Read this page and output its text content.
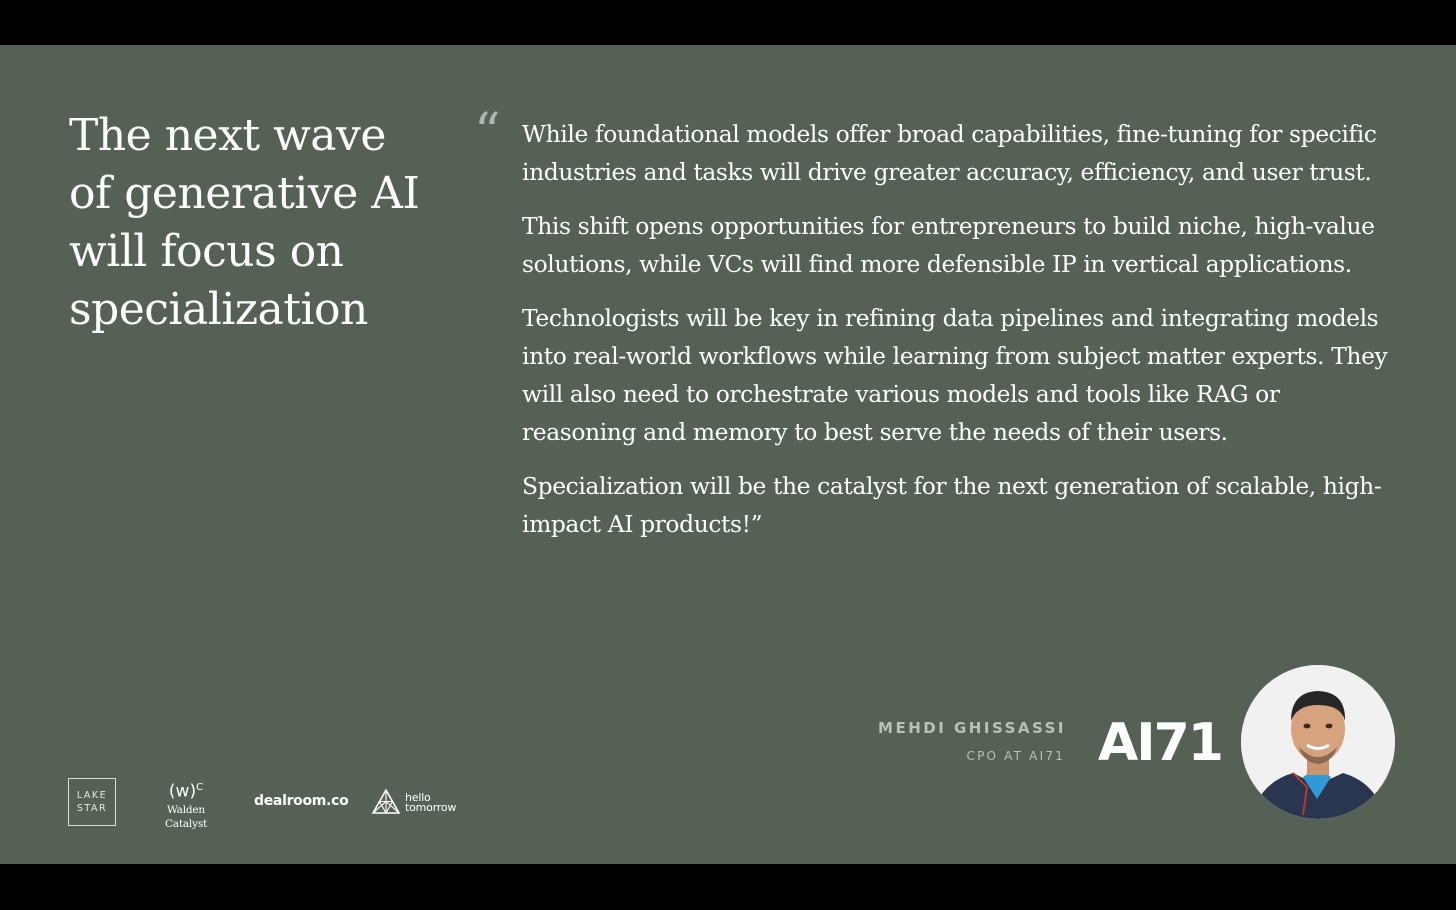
The next wave of generative AI will focus on specialization
“ While foundational models offer broad capabilities, fine-tuning for specific industries and tasks will drive greater accuracy, efficiency, and user trust.

This shift opens opportunities for entrepreneurs to build niche, high-value solutions, while VCs will find more defensible IP in vertical applications.

Technologists will be key in refining data pipelines and integrating models into real-world workflows while learning from subject matter experts. They will also need to orchestrate various models and tools like RAG or reasoning and memory to best serve the needs of their users.

Specialization will be the catalyst for the next generation of scalable, high-impact AI products!”

MEHDI GHISSASSI
CPO AT AI71 AI71
LAKE
STAR
$(w)^C$
Walden Catalyst
dealroom.co	hello
tomorrow
